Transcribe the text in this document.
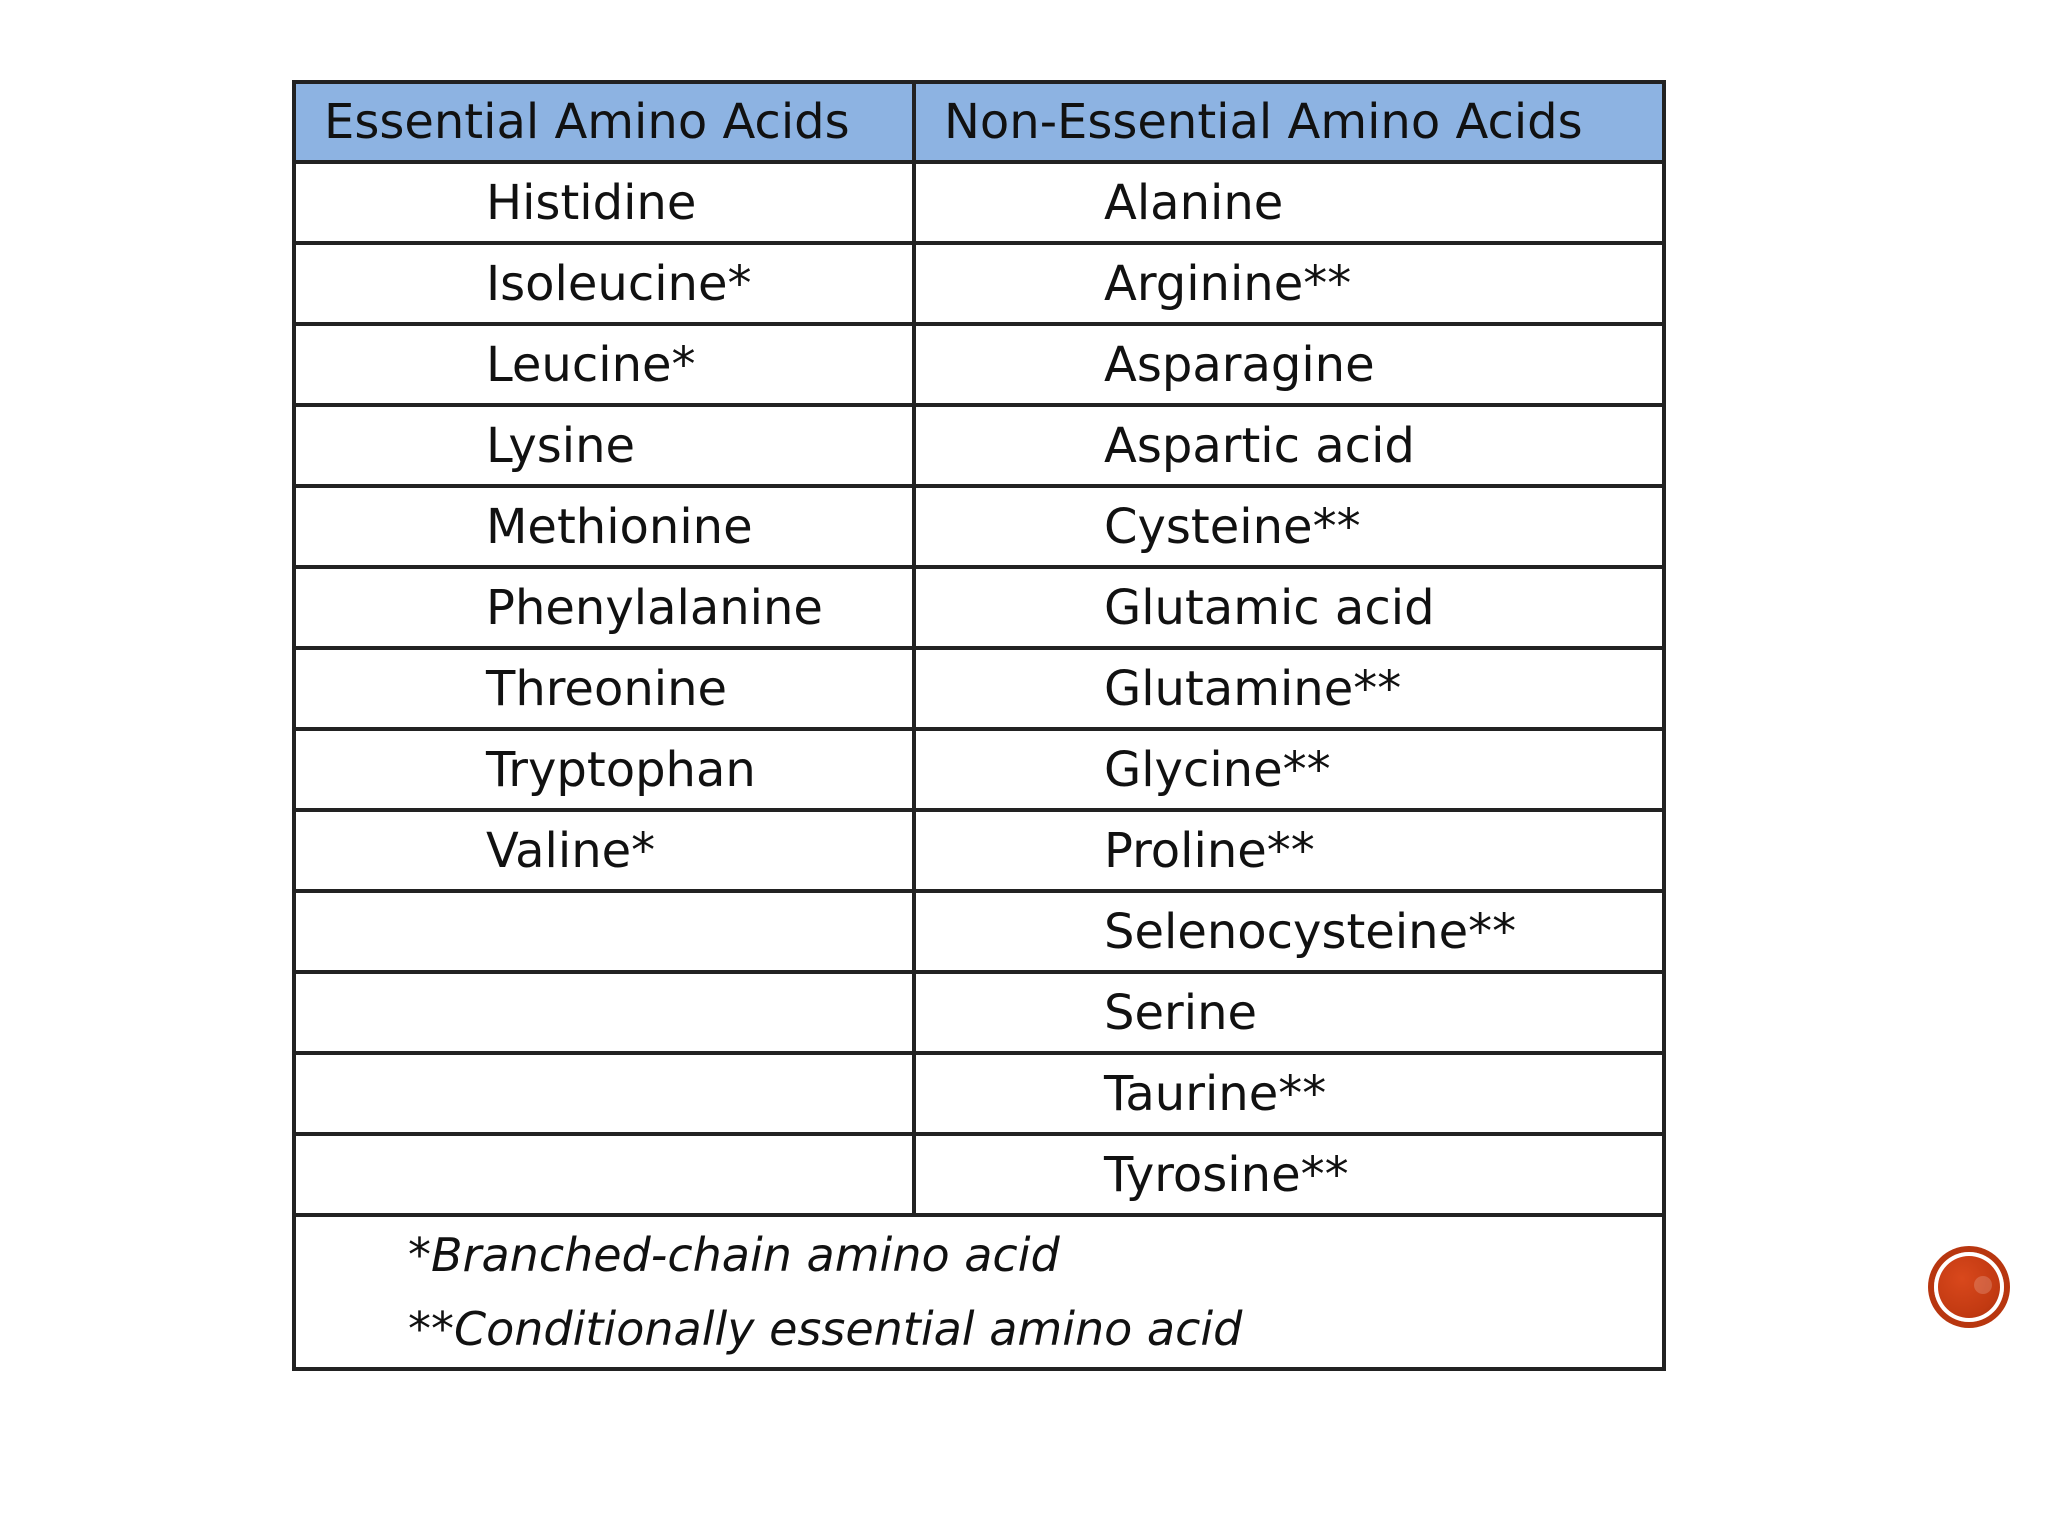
Essential Amino Acids	Non-Essential Amino Acids
Histidine	Alanine
Isoleucine*	Arginine**
Leucine*	Asparagine
Lysine	Aspartic acid
Methionine	Cysteine**
Phenylalanine	Glutamic acid
Threonine	Glutamine**
Tryptophan	Glycine**
Valine*	Proline**
	Selenocysteine**
	Serine
	Taurine**
	Tyrosine**

*Branched-chain amino acid
**Conditionally essential amino acid	
